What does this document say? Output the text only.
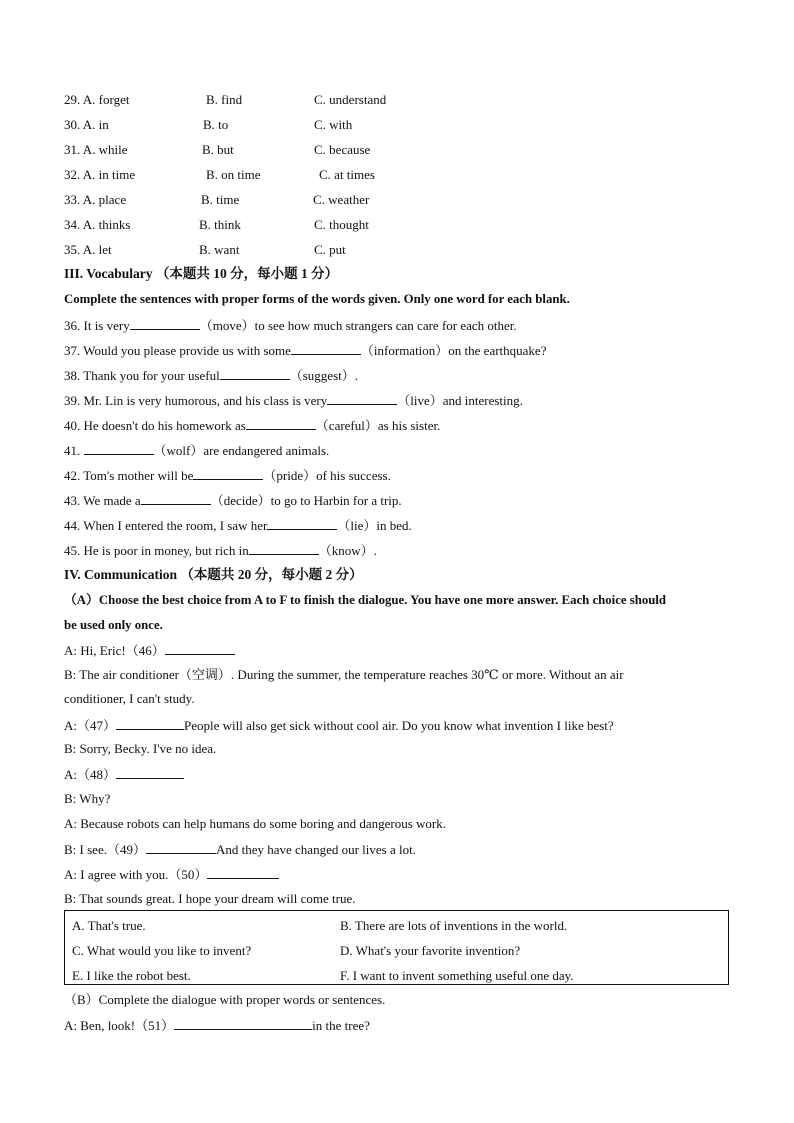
29. A. forget	B. find	C. understand
30. A. in	B. to	C. with
31. A. while	B. but	C. because
32. A. in time	B. on time	C. at times
33. A. place	B. time	C. weather
34. A. thinks	B. think	C. thought
35. A. let	B. want	C. put
III. Vocabulary （本题共 10 分，每小题 1 分）
Complete the sentences with proper forms of the words given. Only one word for each blank.
36. It is very	（move）to see how much strangers can care for each other.
37. Would you please provide us with some	（information）on the earthquake?
38. Thank you for your useful	（suggest）.
39. Mr. Lin is very humorous, and his class is very	（live）and interesting.
40. He doesn't do his homework as	（careful）as his sister.
41.	（wolf）are endangered animals.
42. Tom's mother will be	（pride）of his success.
43. We made a	（decide）to go to Harbin for a trip.
44. When I entered the room, I saw her	（lie）in bed.
45. He is poor in money, but rich in	（know）.
IV. Communication （本题共 20 分，每小题 2 分）
（A）Choose the best choice from A to F to finish the dialogue. You have one more answer. Each choice should
be used only once.
A: Hi, Eric!（46）
B: The air conditioner（空调）. During the summer, the temperature reaches 30℃ or more. Without an air
conditioner, I can't study.
A:（47）	People will also get sick without cool air. Do you know what invention I like best?
B: Sorry, Becky. I've no idea.
A:（48）
B: Why?
A: Because robots can help humans do some boring and dangerous work.
B: I see.（49）	And they have changed our lives a lot.
A: I agree with you.（50）
B: That sounds great. I hope your dream will come true.
A. That's true.	B. There are lots of inventions in the world.
C. What would you like to invent?	D. What's your favorite invention?
E. I like the robot best.	F. I want to invent something useful one day.
（B）Complete the dialogue with proper words or sentences.
A: Ben, look!（51）	in the tree?
